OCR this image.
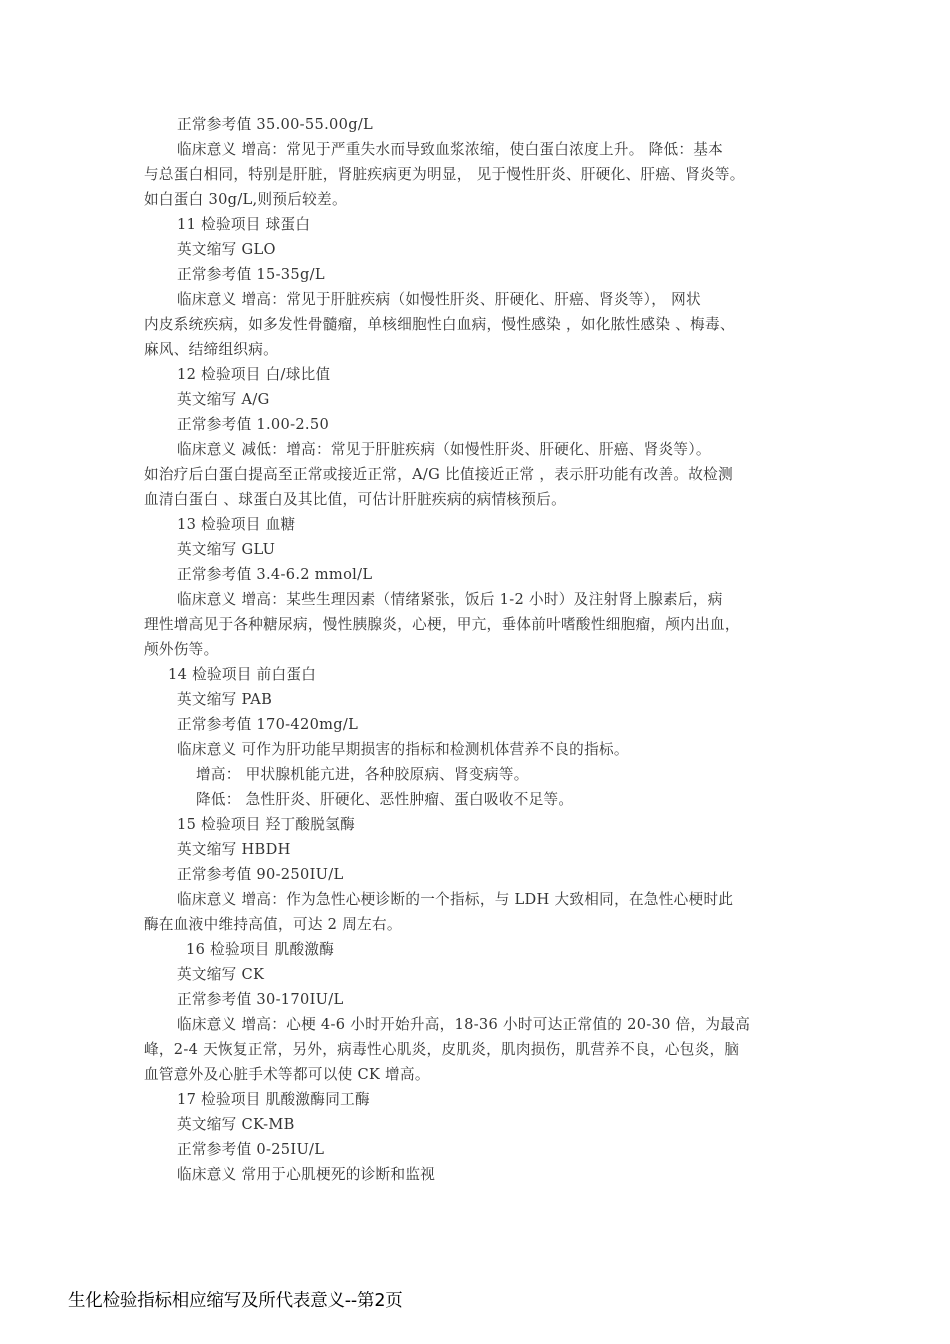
正常参考值 35.00-55.00g/L
临床意义 增高：常见于严重失水而导致血浆浓缩，使白蛋白浓度上升。 降低：基本
与总蛋白相同，特别是肝脏，肾脏疾病更为明显， 见于慢性肝炎、肝硬化、肝癌、肾炎等。
如白蛋白 30g/L,则预后较差。
11 检验项目 球蛋白
英文缩写 GLO
正常参考值 15-35g/L
临床意义 增高：常见于肝脏疾病（如慢性肝炎、肝硬化、肝癌、肾炎等）， 网状
内皮系统疾病，如多发性骨髓瘤，单核细胞性白血病，慢性感染 ，如化脓性感染 、梅毒、
麻风、结缔组织病。
12 检验项目 白/球比值
英文缩写 A/G
正常参考值 1.00-2.50
临床意义 减低：增高：常见于肝脏疾病（如慢性肝炎、肝硬化、肝癌、肾炎等）。
如治疗后白蛋白提高至正常或接近正常，A/G 比值接近正常 ，表示肝功能有改善。故检测
血清白蛋白 、球蛋白及其比值，可估计肝脏疾病的病情核预后。
13 检验项目 血糖
英文缩写 GLU
正常参考值 3.4-6.2 mmol/L
临床意义 增高：某些生理因素（情绪紧张，饭后 1-2 小时）及注射肾上腺素后，病
理性增高见于各种糖尿病，慢性胰腺炎，心梗，甲亢，垂体前叶嗜酸性细胞瘤，颅内出血，
颅外伤等。
14 检验项目 前白蛋白
英文缩写 PAB
正常参考值 170-420mg/L
临床意义 可作为肝功能早期损害的指标和检测机体营养不良的指标。
增高： 甲状腺机能亢进，各种胶原病、肾变病等。
降低： 急性肝炎、肝硬化、恶性肿瘤、蛋白吸收不足等。
15 检验项目 羟丁酸脱氢酶
英文缩写 HBDH
正常参考值 90-250IU/L
临床意义 增高：作为急性心梗诊断的一个指标，与 LDH 大致相同，在急性心梗时此
酶在血液中维持高值，可达 2 周左右。
16 检验项目 肌酸激酶
英文缩写 CK
正常参考值 30-170IU/L
临床意义 增高：心梗 4-6 小时开始升高，18-36 小时可达正常值的 20-30 倍，为最高
峰，2-4 天恢复正常，另外，病毒性心肌炎，皮肌炎，肌肉损伤，肌营养不良，心包炎，脑
血管意外及心脏手术等都可以使 CK 增高。
17 检验项目 肌酸激酶同工酶
英文缩写 CK-MB
正常参考值 0-25IU/L
临床意义 常用于心肌梗死的诊断和监视
生化检验指标相应缩写及所代表意义--第2页
